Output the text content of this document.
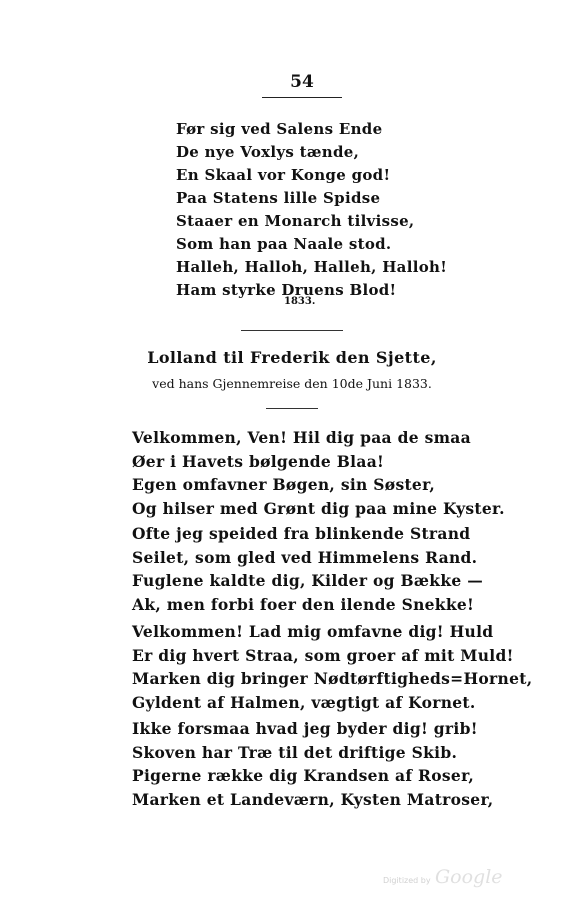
54
Før sig ved Salens Ende
De nye Voxlys tænde,
En Skaal vor Konge god!
Paa Statens lille Spidse
Staaer en Monarch tilvisse,
Som han paa Naale stod.
Halleh, Halloh, Halleh, Halloh!
Ham styrke Druens Blod!
1833.
Lolland til Frederik den Sjette,
ved hans Gjennemreise den 10de Juni 1833.
Velkommen, Ven! Hil dig paa de smaa
Øer i Havets bølgende Blaa!
Egen omfavner Bøgen, sin Søster,
Og hilser med Grønt dig paa mine Kyster.
Ofte jeg speided fra blinkende Strand
Seilet, som gled ved Himmelens Rand.
Fuglene kaldte dig, Kilder og Bække —
Ak, men forbi foer den ilende Snekke!
Velkommen! Lad mig omfavne dig! Huld
Er dig hvert Straa, som groer af mit Muld!
Marken dig bringer Nødtørftigheds=Hornet,
Gyldent af Halmen, vægtigt af Kornet.
Ikke forsmaa hvad jeg byder dig! grib!
Skoven har Træ til det driftige Skib.
Pigerne række dig Krandsen af Roser,
Marken et Landeværn, Kysten Matroser,
Digitized by Google
